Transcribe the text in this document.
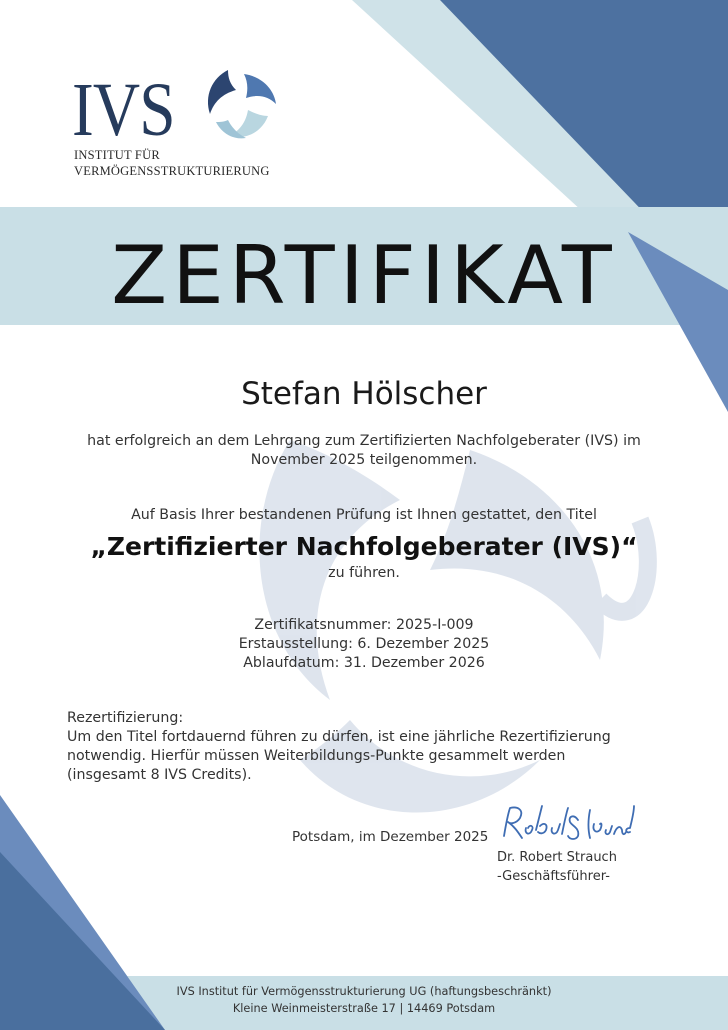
IVS
INSTITUT FÜR
VERMÖGENSSTRUKTURIERUNG
ZERTIFIKAT
Stefan Hölscher
hat erfolgreich an dem Lehrgang zum Zertifizierten Nachfolgeberater (IVS) im
November 2025 teilgenommen.
Auf Basis Ihrer bestandenen Prüfung ist Ihnen gestattet, den Titel
„Zertifizierter Nachfolgeberater (IVS)“
zu führen.
Zertifikatsnummer: 2025-I-009
Erstausstellung: 6. Dezember 2025
Ablaufdatum: 31. Dezember 2026
Rezertifizierung:
Um den Titel fortdauernd führen zu dürfen, ist eine jährliche Rezertifizierung
notwendig. Hierfür müssen Weiterbildungs-Punkte gesammelt werden
(insgesamt 8 IVS Credits).
Potsdam, im Dezember 2025
Dr. Robert Strauch
-Geschäftsführer-
IVS Institut für Vermögensstrukturierung UG (haftungsbeschränkt)
Kleine Weinmeisterstraße 17 | 14469 Potsdam
